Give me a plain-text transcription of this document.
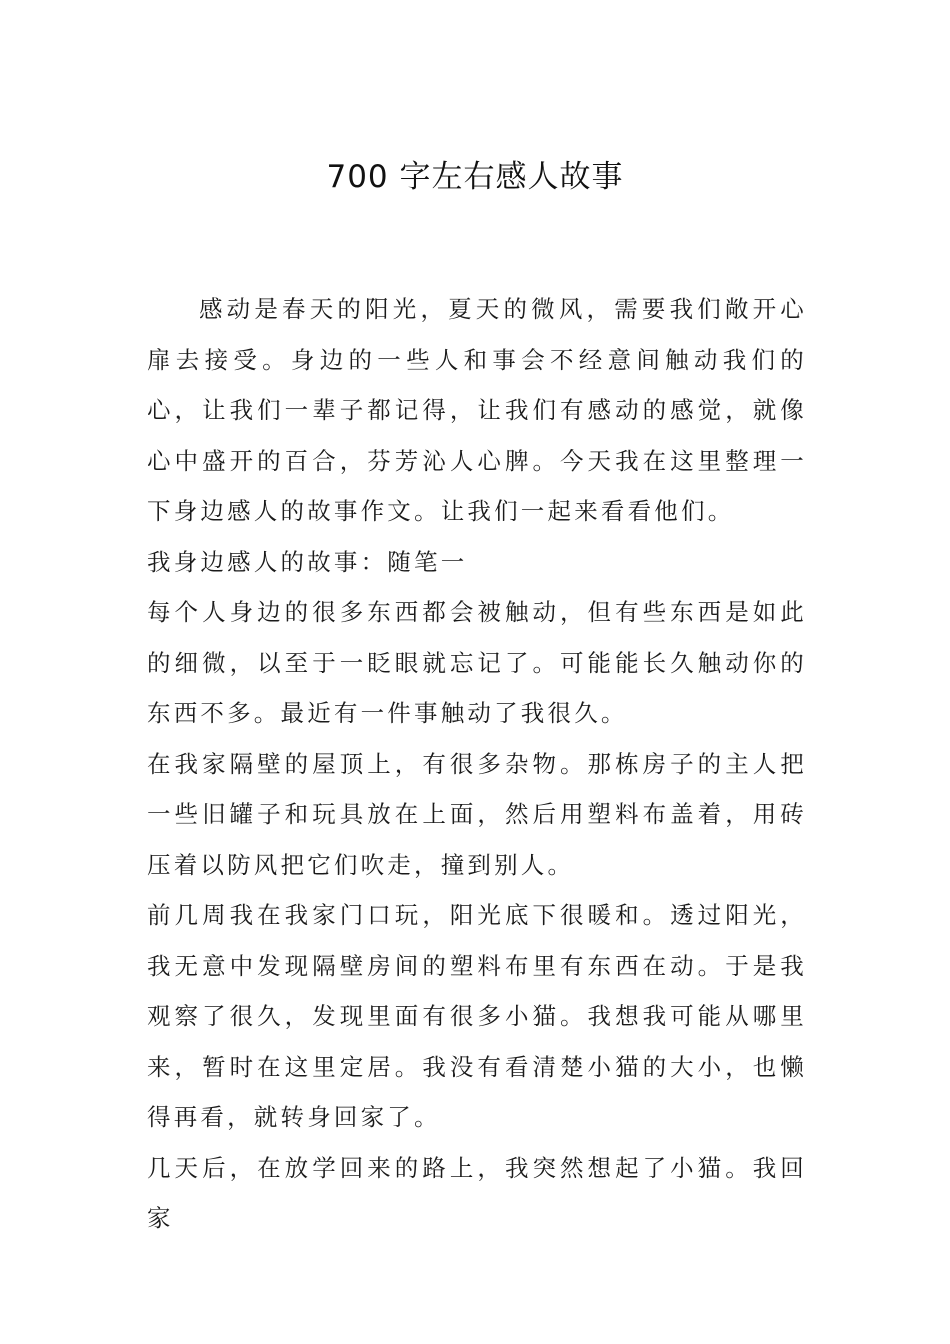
700 字左右感人故事

感动是春天的阳光，夏天的微风，需要我们敞开心扉去接受。身边的一些人和事会不经意间触动我们的心，让我们一辈子都记得，让我们有感动的感觉，就像心中盛开的百合，芬芳沁人心脾。今天我在这里整理一下身边感人的故事作文。让我们一起来看看他们。

我身边感人的故事：随笔一

每个人身边的很多东西都会被触动，但有些东西是如此的细微，以至于一眨眼就忘记了。可能能长久触动你的东西不多。最近有一件事触动了我很久。

在我家隔壁的屋顶上，有很多杂物。那栋房子的主人把一些旧罐子和玩具放在上面，然后用塑料布盖着，用砖压着以防风把它们吹走，撞到别人。

前几周我在我家门口玩，阳光底下很暖和。透过阳光，我无意中发现隔壁房间的塑料布里有东西在动。于是我观察了很久，发现里面有很多小猫。我想我可能从哪里来，暂时在这里定居。我没有看清楚小猫的大小，也懒得再看，就转身回家了。

几天后，在放学回来的路上，我突然想起了小猫。我回家
